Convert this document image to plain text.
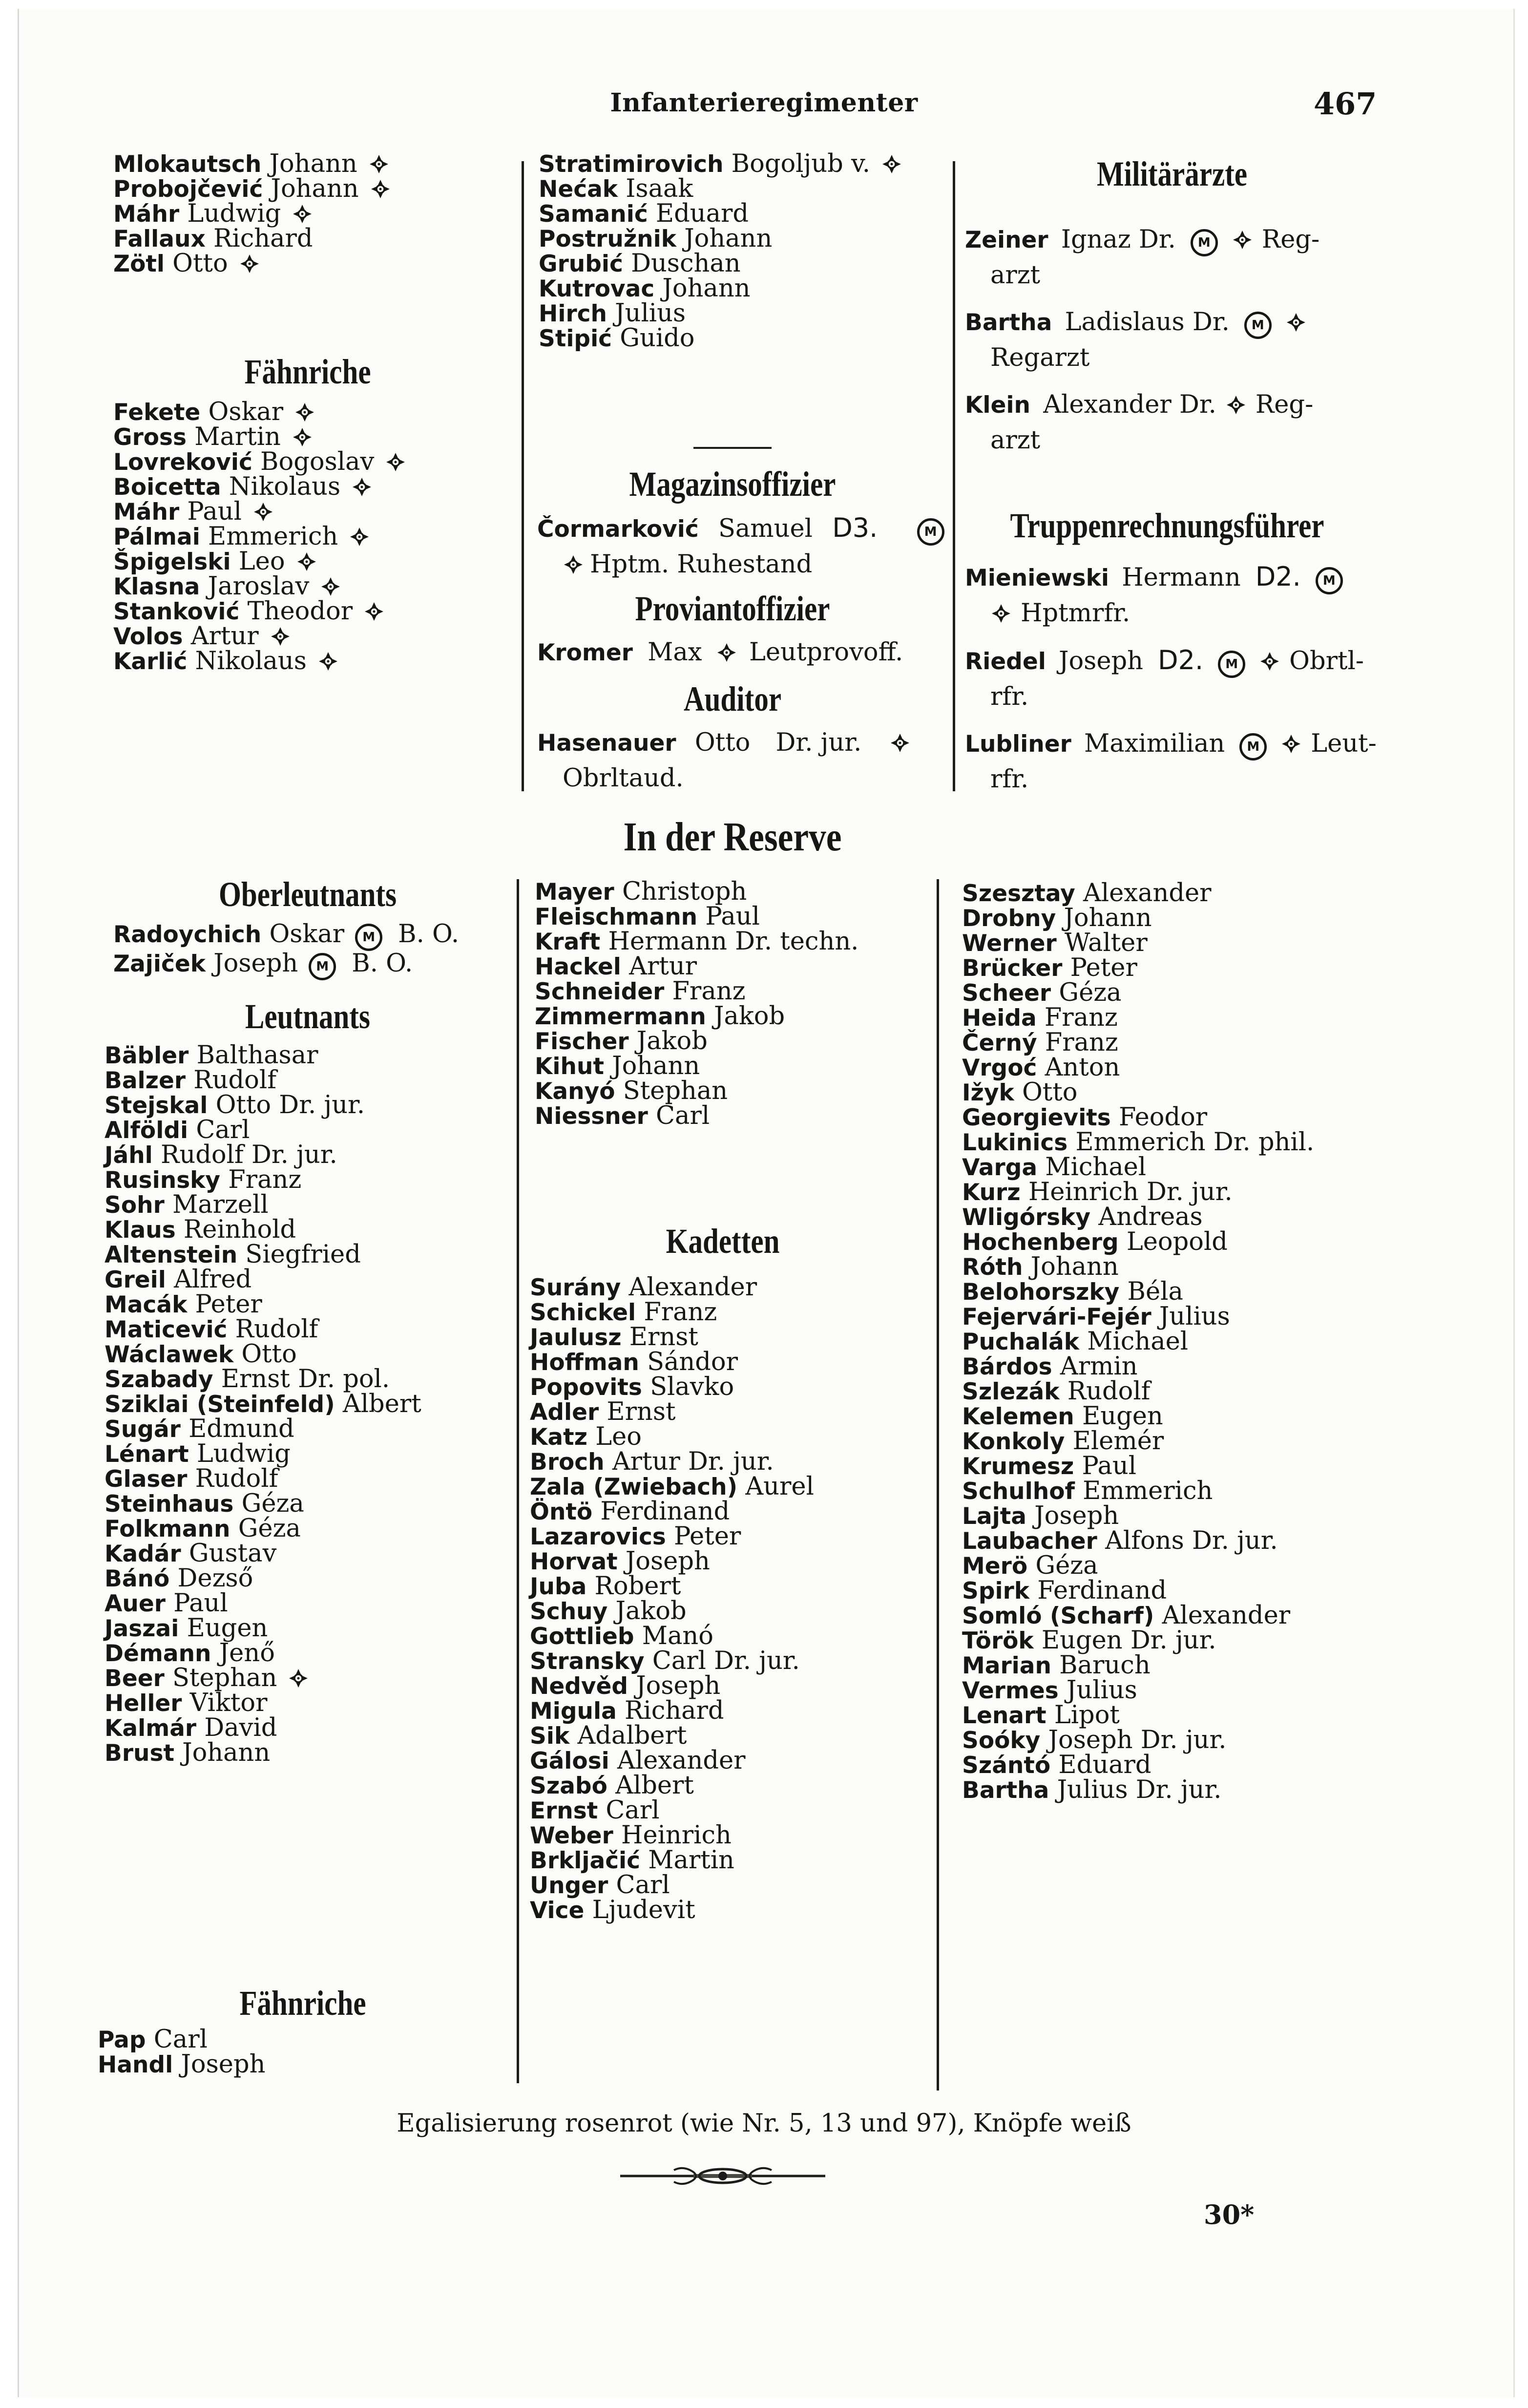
Infanterieregimenter	467
Mlokautsch Johann
Probojčević Johann
Máhr Ludwig
Fallaux Richard
Zötl Otto
Fähnriche
Fekete Oskar
Gross Martin
Lovreković Bogoslav
Boicetta Nikolaus
Máhr Paul
Pálmai Emmerich
Špigelski Leo
Klasna Jaroslav
Stanković Theodor
Volos Artur
Karlić Nikolaus
Stratimirovich Bogoljub v.
Nećak Isaak
Samanić Eduard
Postružnik Johann
Grubić Duschan
Kutrovac Johann
Hirch Julius
Stipić Guido
Magazinsoffizier
Čormarković Samuel D3.	M
Hptm. Ruhestand
Proviantoffizier
Kromer Max Leutprovoff.
Auditor
Hasenauer Otto Dr. jur.
Obrltaud.
Militärärzte
Zeiner Ignaz Dr. M Reg-
arzt
Bartha Ladislaus Dr. M
Regarzt
Klein Alexander Dr. Reg-
arzt
Truppenrechnungsführer
Mieniewski Hermann D2. M
Hptmrfr.
Riedel Joseph D2. M Obrtl-
rfr.
Lubliner Maximilian M Leut-
rfr.
In der Reserve
Oberleutnants
Radoychich Oskar M B. O.
Zajiček Joseph M B. O.
Leutnants
Bäbler Balthasar
Balzer Rudolf
Stejskal Otto Dr. jur.
Alföldi Carl
Jáhl Rudolf Dr. jur.
Rusinsky Franz
Sohr Marzell
Klaus Reinhold
Altenstein Siegfried
Greil Alfred
Macák Peter
Maticević Rudolf
Wáclawek Otto
Szabady Ernst Dr. pol.
Sziklai (Steinfeld) Albert
Sugár Edmund
Lénart Ludwig
Glaser Rudolf
Steinhaus Géza
Folkmann Géza
Kadár Gustav
Bánó Dezső
Auer Paul
Jaszai Eugen
Démann Jenő
Beer Stephan
Heller Viktor
Kalmár David
Brust Johann
Fähnriche
Pap Carl
Handl Joseph
Mayer Christoph
Fleischmann Paul
Kraft Hermann Dr. techn.
Hackel Artur
Schneider Franz
Zimmermann Jakob
Fischer Jakob
Kihut Johann
Kanyó Stephan
Niessner Carl
Kadetten
Surány Alexander
Schickel Franz
Jaulusz Ernst
Hoffman Sándor
Popovits Slavko
Adler Ernst
Katz Leo
Broch Artur Dr. jur.
Zala (Zwiebach) Aurel
Öntö Ferdinand
Lazarovics Peter
Horvat Joseph
Juba Robert
Schuy Jakob
Gottlieb Manó
Stransky Carl Dr. jur.
Nedvěd Joseph
Migula Richard
Sik Adalbert
Gálosi Alexander
Szabó Albert
Ernst Carl
Weber Heinrich
Brkljačić Martin
Unger Carl
Vice Ljudevit
Szesztay Alexander
Drobny Johann
Werner Walter
Brücker Peter
Scheer Géza
Heida Franz
Černý Franz
Vrgoć Anton
Ižyk Otto
Georgievits Feodor
Lukinics Emmerich Dr. phil.
Varga Michael
Kurz Heinrich Dr. jur.
Wligórsky Andreas
Hochenberg Leopold
Róth Johann
Belohorszky Béla
Fejervári-Fejér Julius
Puchalák Michael
Bárdos Armin
Szlezák Rudolf
Kelemen Eugen
Konkoly Elemér
Krumesz Paul
Schulhof Emmerich
Lajta Joseph
Laubacher Alfons Dr. jur.
Merö Géza
Spirk Ferdinand
Somló (Scharf) Alexander
Török Eugen Dr. jur.
Marian Baruch
Vermes Julius
Lenart Lipot
Soóky Joseph Dr. jur.
Szántó Eduard
Bartha Julius Dr. jur.
Egalisierung rosenrot (wie Nr. 5, 13 und 97), Knöpfe weiß
30*
